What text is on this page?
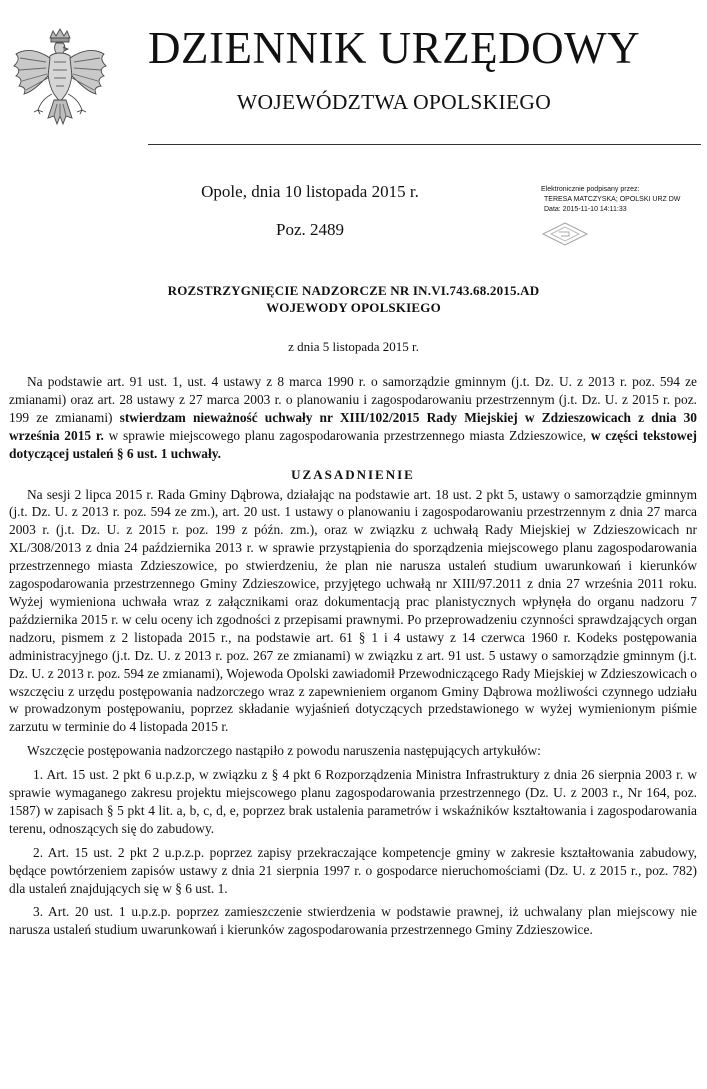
DZIENNIK URZĘDOWY
WOJEWÓDZTWA OPOLSKIEGO
Opole, dnia 10 listopada 2015 r.
Poz. 2489
Elektronicznie podpisany przez:
TERESA MATCZYSKA; OPOLSKI URZ DW
Data: 2015-11-10 14:11:33
ROZSTRZYGNIĘCIE NADZORCZE NR IN.VI.743.68.2015.AD
WOJEWODY OPOLSKIEGO
z dnia 5 listopada 2015 r.

Na podstawie art. 91 ust. 1, ust. 4 ustawy z 8 marca 1990 r. o samorządzie gminnym (j.t. Dz. U. z 2013 r. poz. 594 ze zmianami) oraz art. 28 ustawy z 27 marca 2003 r. o planowaniu i zagospodarowaniu przestrzennym (j.t. Dz. U. z 2015 r. poz. 199 ze zmianami) stwierdzam nieważność uchwały nr XIII/102/2015 Rady Miejskiej w Zdzieszowicach z dnia 30 września 2015 r. w sprawie miejscowego planu zagospodarowania przestrzennego miasta Zdzieszowice, w części tekstowej dotyczącej ustaleń § 6 ust. 1 uchwały.

UZASADNIENIE

Na sesji 2 lipca 2015 r. Rada Gminy Dąbrowa, działając na podstawie art. 18 ust. 2 pkt 5, ustawy o samorządzie gminnym (j.t. Dz. U. z 2013 r. poz. 594 ze zm.), art. 20 ust. 1 ustawy o planowaniu i zagospodarowaniu przestrzennym z dnia 27 marca 2003 r. (j.t. Dz. U. z 2015 r. poz. 199 z późn. zm.), oraz w związku z uchwałą Rady Miejskiej w Zdzieszowicach nr XL/308/2013 z dnia 24 października 2013 r. w sprawie przystąpienia do sporządzenia miejscowego planu zagospodarowania przestrzennego miasta Zdzieszowice, po stwierdzeniu, że plan nie narusza ustaleń studium uwarunkowań i kierunków zagospodarowania przestrzennego Gminy Zdzieszowice, przyjętego uchwałą nr XIII/97.2011 z dnia 27 września 2011 roku. Wyżej wymieniona uchwała wraz z załącznikami oraz dokumentacją prac planistycznych wpłynęła do organu nadzoru 7 października 2015 r. w celu oceny ich zgodności z przepisami prawnymi. Po przeprowadzeniu czynności sprawdzających organ nadzoru, pismem z 2 listopada 2015 r., na podstawie art. 61 § 1 i 4 ustawy z 14 czerwca 1960 r. Kodeks postępowania administracyjnego (j.t. Dz. U. z 2013 r. poz. 267 ze zmianami) w związku z art. 91 ust. 5 ustawy o samorządzie gminnym (j.t. Dz. U. z 2013 r. poz. 594 ze zmianami), Wojewoda Opolski zawiadomił Przewodniczącego Rady Miejskiej w Zdzieszowicach o wszczęciu z urzędu postępowania nadzorczego wraz z zapewnieniem organom Gminy Dąbrowa możliwości czynnego udziału w prowadzonym postępowaniu, poprzez składanie wyjaśnień dotyczących przedstawionego w wyżej wymienionym piśmie zarzutu w terminie do 4 listopada 2015 r.

Wszczęcie postępowania nadzorczego nastąpiło z powodu naruszenia następujących artykułów:

1. Art. 15 ust. 2 pkt 6 u.p.z.p, w związku z § 4 pkt 6 Rozporządzenia Ministra Infrastruktury z dnia 26 sierpnia 2003 r. w sprawie wymaganego zakresu projektu miejscowego planu zagospodarowania przestrzennego (Dz. U. z 2003 r., Nr 164, poz. 1587) w zapisach § 5 pkt 4 lit. a, b, c, d, e, poprzez brak ustalenia parametrów i wskaźników kształtowania i zagospodarowania terenu, odnoszących się do zabudowy.

2. Art. 15 ust. 2 pkt 2 u.p.z.p. poprzez zapisy przekraczające kompetencje gminy w zakresie kształtowania zabudowy, będące powtórzeniem zapisów ustawy z dnia 21 sierpnia 1997 r. o gospodarce nieruchomościami (Dz. U. z 2015 r., poz. 782) dla ustaleń znajdujących się w § 6 ust. 1.

3. Art. 20 ust. 1 u.p.z.p. poprzez zamieszczenie stwierdzenia w podstawie prawnej, iż uchwalany plan miejscowy nie narusza ustaleń studium uwarunkowań i kierunków zagospodarowania przestrzennego Gminy Zdzieszowice.
